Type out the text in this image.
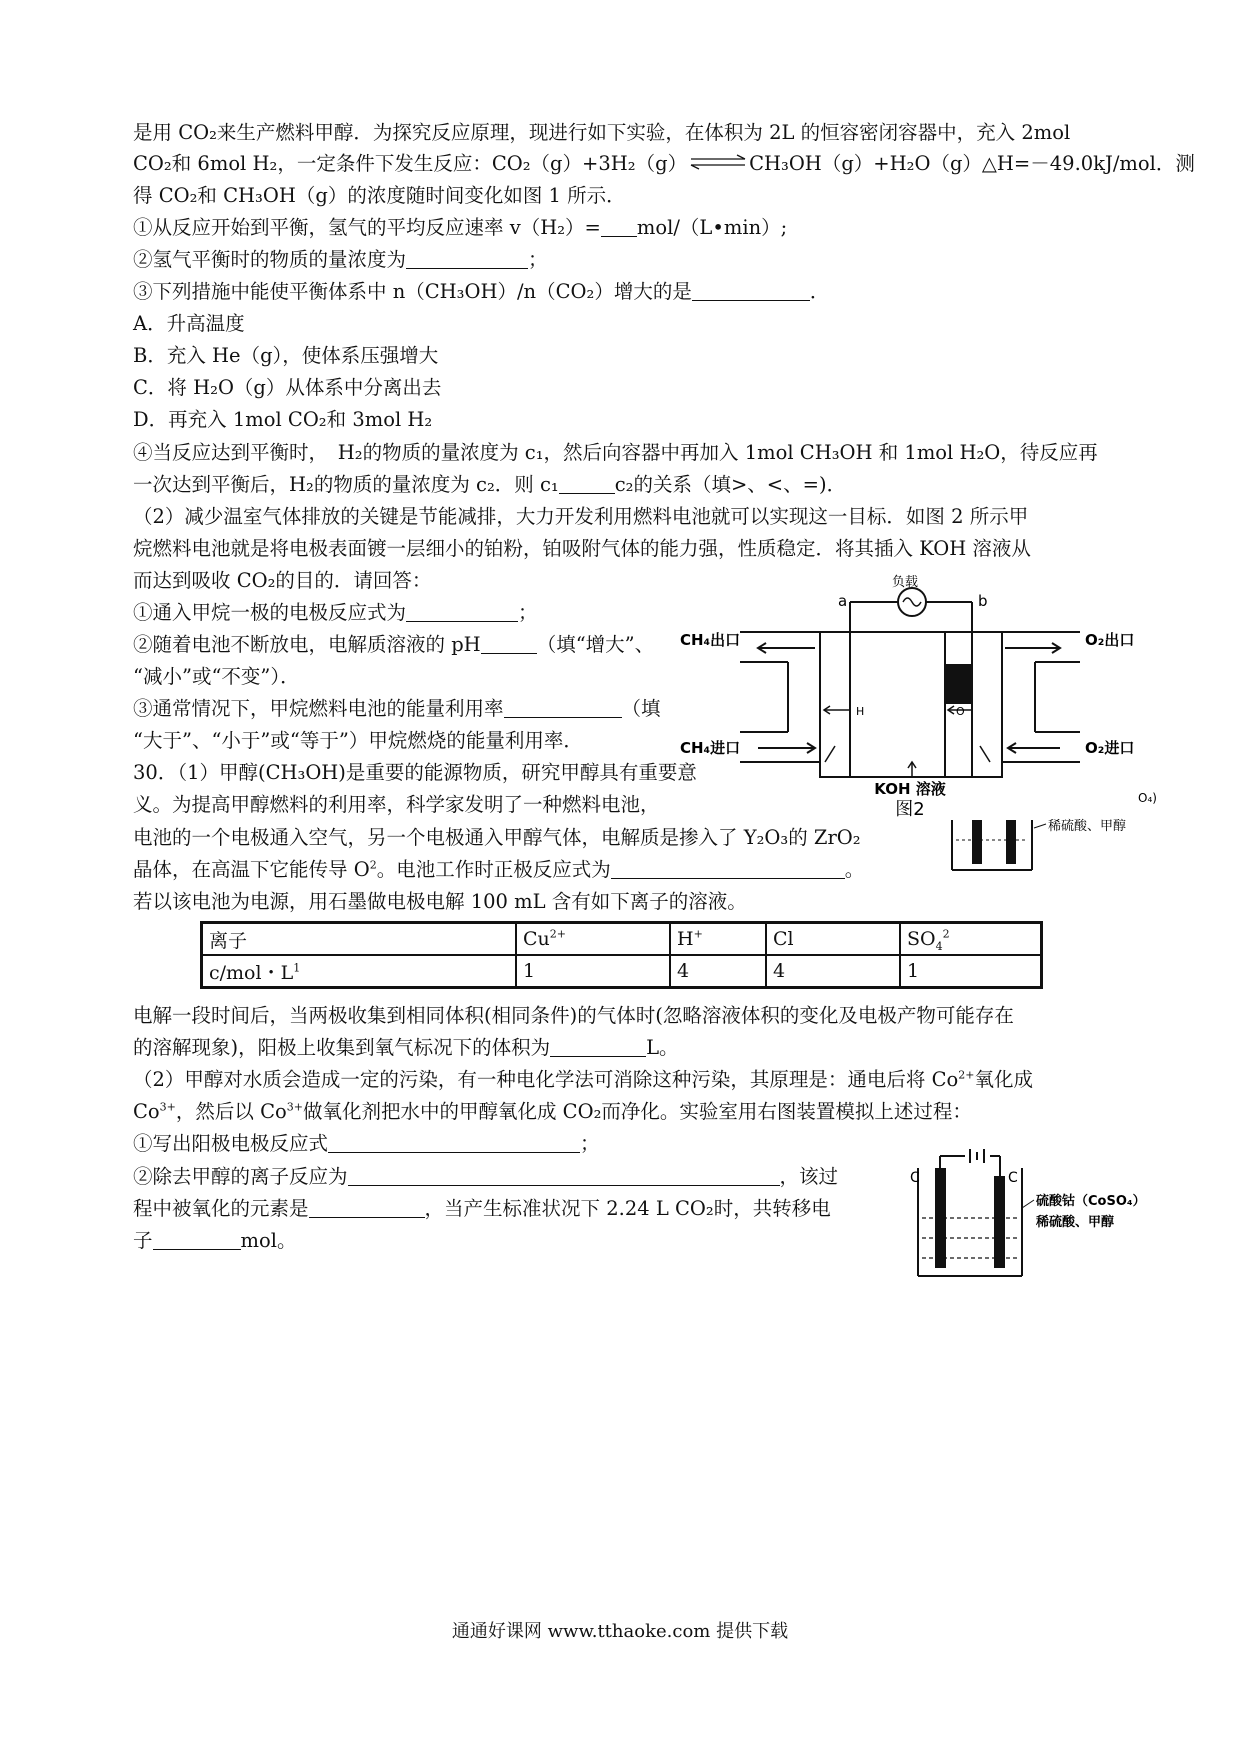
是用 CO₂来生产燃料甲醇．为探究反应原理，现进行如下实验，在体积为 2L 的恒容密闭容器中，充入 2mol
CO₂和 6mol H₂，一定条件下发生反应：CO₂（g）+3H₂（g）⇌CH₃OH（g）+H₂O（g）△H=－49.0kJ/mol．测
得 CO₂和 CH₃OH（g）的浓度随时间变化如图 1 所示．
①从反应开始到平衡，氢气的平均反应速率 v（H₂）= mol/（L•min）;
②氢气平衡时的物质的量浓度为	；
③下列措施中能使平衡体系中 n（CH₃OH）/n（CO₂）增大的是	．
A．升高温度
B．充入 He（g），使体系压强增大
C．将 H₂O（g）从体系中分离出去
D．再充入 1mol CO₂和 3mol H₂
④当反应达到平衡时，　H₂的物质的量浓度为 c₁，然后向容器中再加入 1mol CH₃OH 和 1mol H₂O，待反应再
一次达到平衡后，H₂的物质的量浓度为 c₂．则 c₁	c₂的关系（填>、<、=)．
（2）减少温室气体排放的关键是节能减排，大力开发利用燃料电池就可以实现这一目标．如图 2 所示甲
烷燃料电池就是将电极表面镀一层细小的铂粉，铂吸附气体的能力强，性质稳定．将其插入 KOH 溶液从
而达到吸收 CO₂的目的．请回答：
①通入甲烷一极的电极反应式为	；
②随着电池不断放电，电解质溶液的 pH	（填“增大”、
“减小”或“不变”）．
③通常情况下，甲烷燃料电池的能量利用率	（填
“大于”、“小于”或“等于”）甲烷燃烧的能量利用率．
30．（1）甲醇(CH₃OH)是重要的能源物质，研究甲醇具有重要意
义。为提高甲醇燃料的利用率，科学家发明了一种燃料电池，
电池的一个电极通入空气，另一个电极通入甲醇气体，电解质是掺入了 Y₂O₃的 ZrO₂
晶体，在高温下它能传导 $O^2$。电池工作时正极反应式为	。
若以该电池为电源，用石墨做电极电解 100 mL 含有如下离子的溶液。
离子	$Cu^{2+}$	H+	Cl	$SO_4^2$
c/mol・$L^1$	1	4	4	1
电解一段时间后，当两极收集到相同体积(相同条件)的气体时(忽略溶液体积的变化及电极产物可能存在
的溶解现象)，阳极上收集到氧气标况下的体积为	L。
（2）甲醇对水质会造成一定的污染，有一种电化学法可消除这种污染，其原理是：通电后将 $Co^{2+}$氧化成
$Co^{3+}$，然后以 $Co^{3+}$做氧化剂把水中的甲醇氧化成 CO₂而净化。实验室用右图装置模拟上述过程：
①写出阳极电极反应式	；
②除去甲醇的离子反应为	，该过
程中被氧化的元素是	，当产生标准状况下 2.24 L CO₂时，共转移电
子	mol。
负载
a	b
CH₄出口	O₂出口
CH₄进口	O₂进口
H	O
KOH 溶液
图2
O₄)
稀硫酸、甲醇
C	C
硫酸钴（CoSO₄）
稀硫酸、甲醇
通通好课网 www.tthaoke.com 提供下载
